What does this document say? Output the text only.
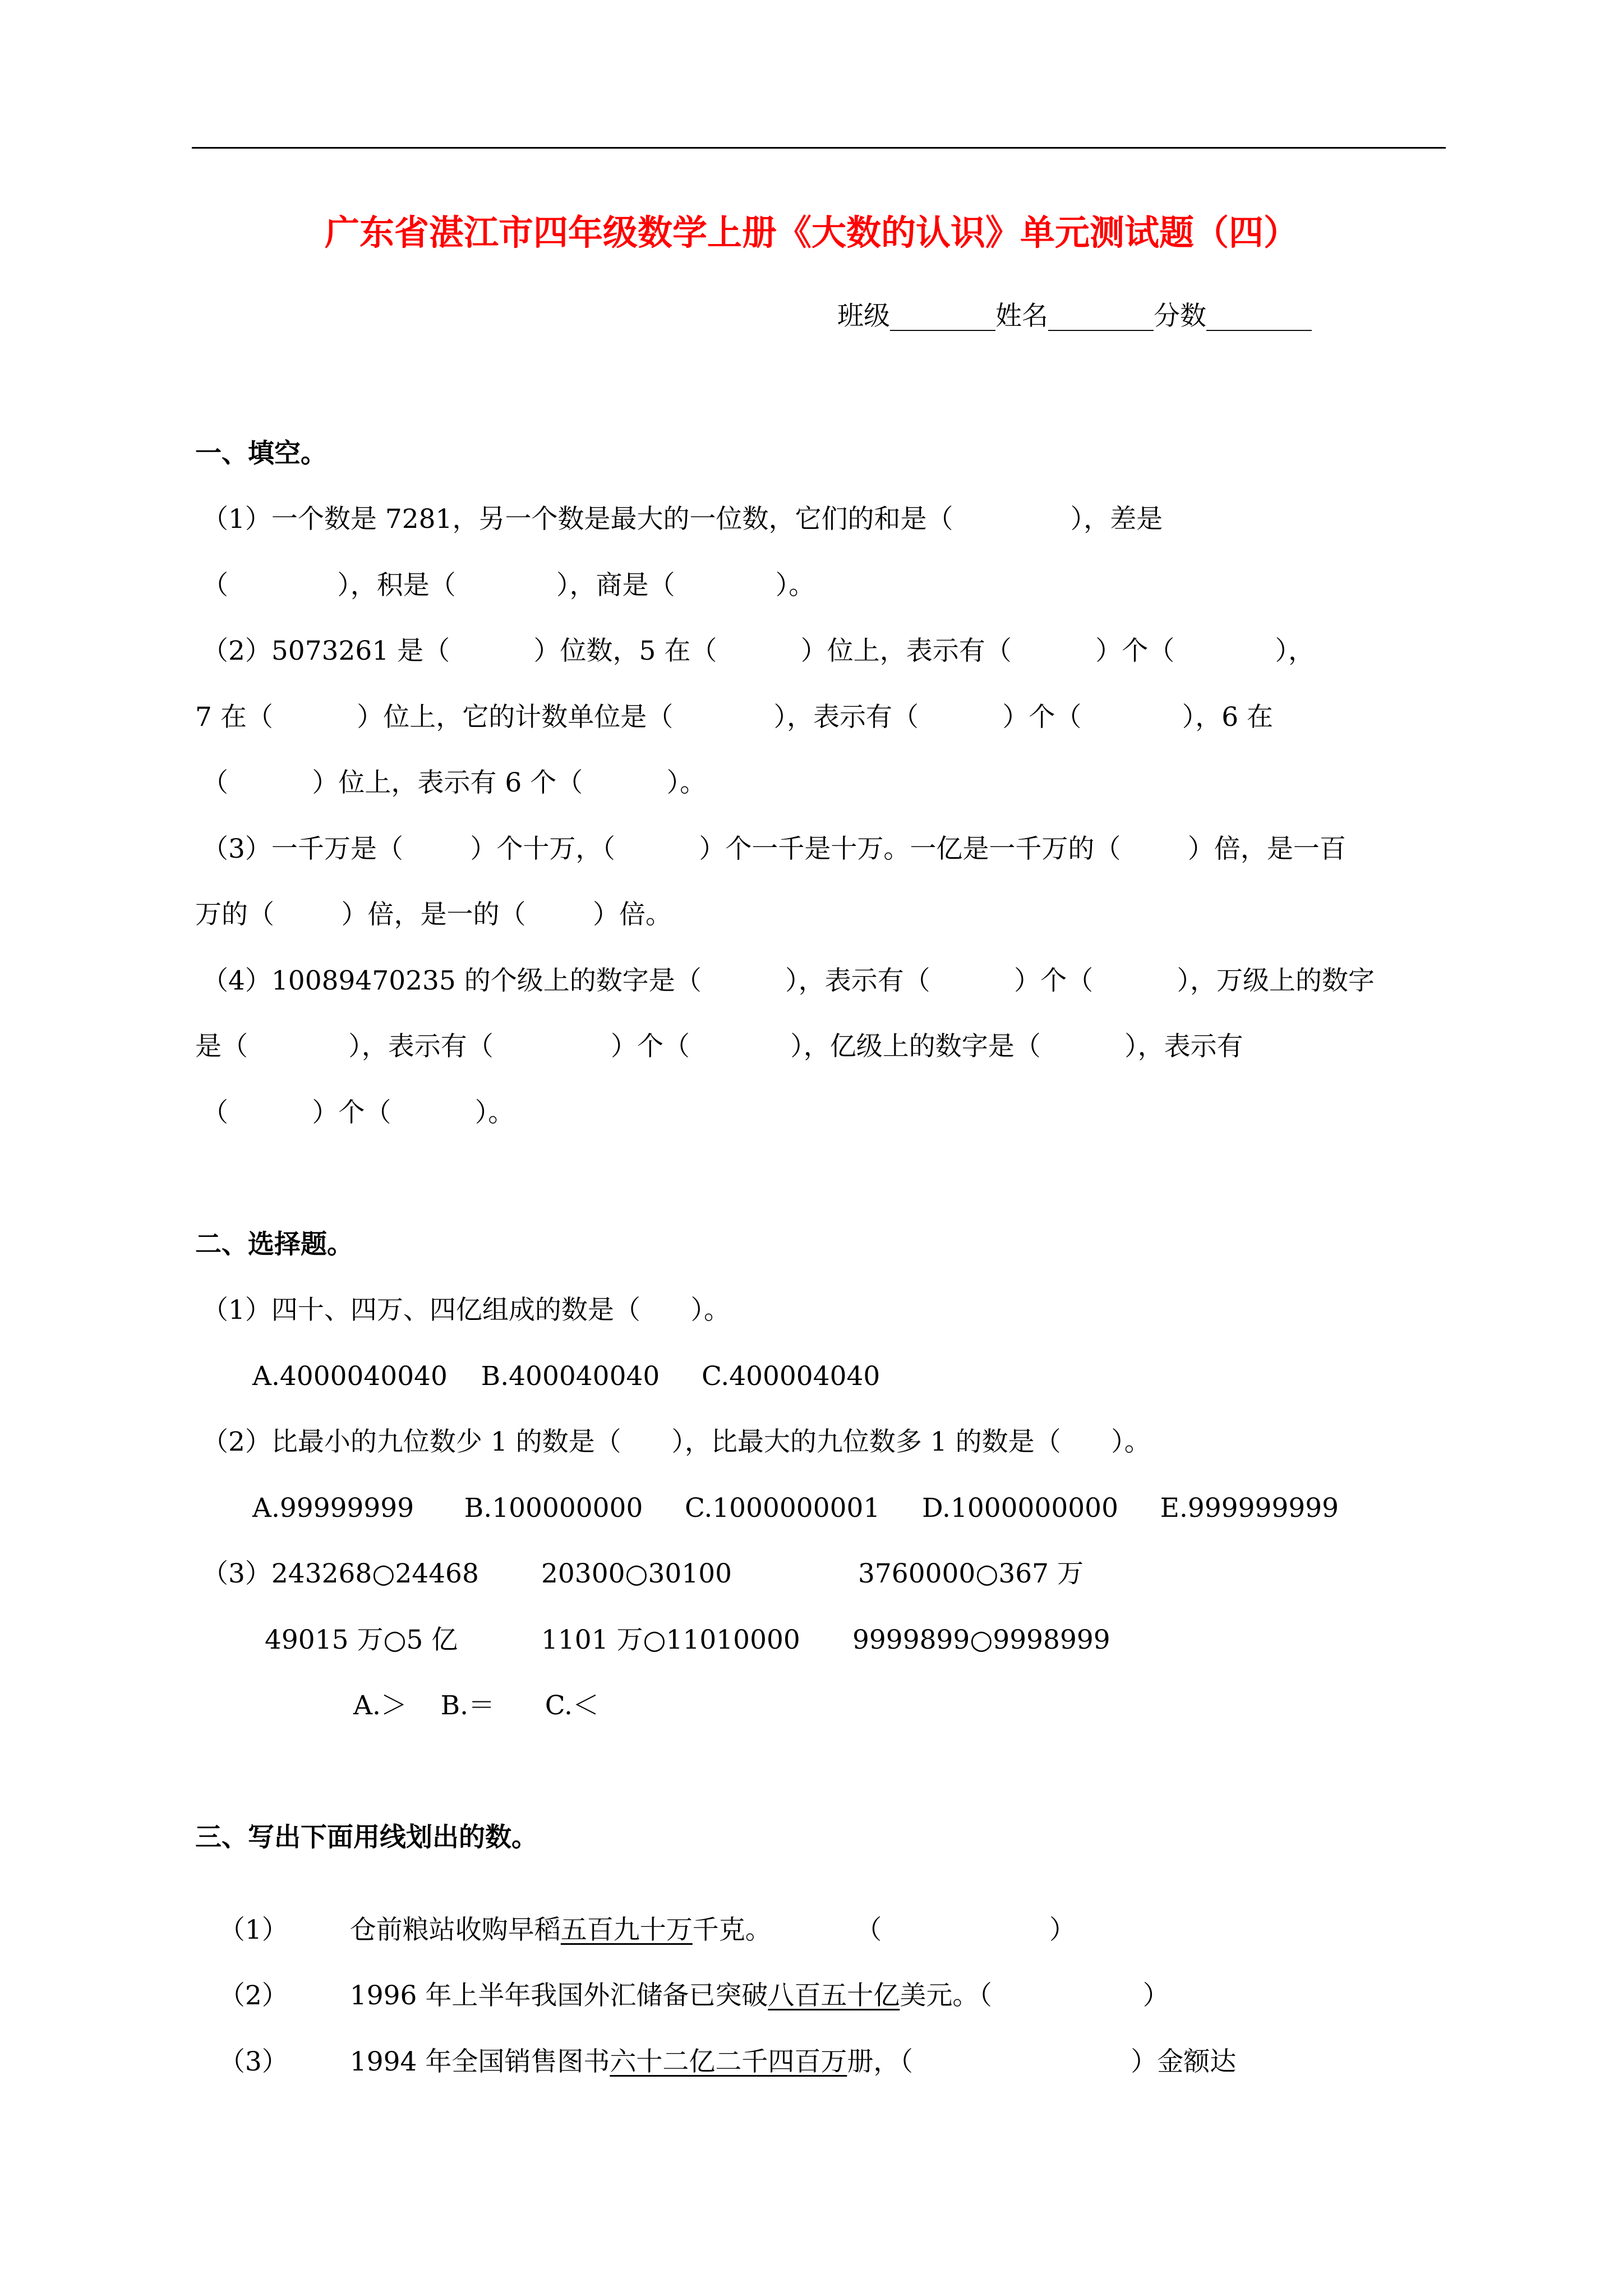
广东省湛江市四年级数学上册《大数的认识》单元测试题（四）
班级________姓名________分数________
一、填空。
（1）一个数是 7281，另一个数是最大的一位数，它们的和是（              ），差是
（             ），积是（            ），商是（            ）。
（2）5073261 是（          ）位数，5 在（          ）位上，表示有（          ）个（            ），
7 在（          ）位上，它的计数单位是（            ），表示有（          ）个（            ），6 在
（          ）位上，表示有 6 个（          ）。
（3）一千万是（        ）个十万，（          ）个一千是十万。一亿是一千万的（        ）倍，是一百
万的（        ）倍，是一的（        ）倍。
（4）10089470235 的个级上的数字是（          ），表示有（          ）个（          ），万级上的数字
是（            ），表示有（              ）个（            ），亿级上的数字是（          ），表示有
（          ）个（          ）。
二、选择题。
（1）四十、四万、四亿组成的数是（      ）。
A.4000040040    B.400040040     C.400004040
（2）比最小的九位数少 1 的数是（      ），比最大的九位数多 1 的数是（      ）。
A.99999999      B.100000000     C.1000000001     D.1000000000     E.999999999
（3）243268○24468 20300○30100	3760000○367 万
49015 万○5 亿	1101 万○11010000 9999899○9998999
A.＞    B.＝      C.＜
三、写出下面用线划出的数。

（1） 仓前粮站收购早稻五百九十万千克。          （                    ）

（2） 1996 年上半年我国外汇储备已突破八百五十亿美元。（                  ）

（3） 1994 年全国销售图书六十二亿二千四百万册，（                          ）金额达
